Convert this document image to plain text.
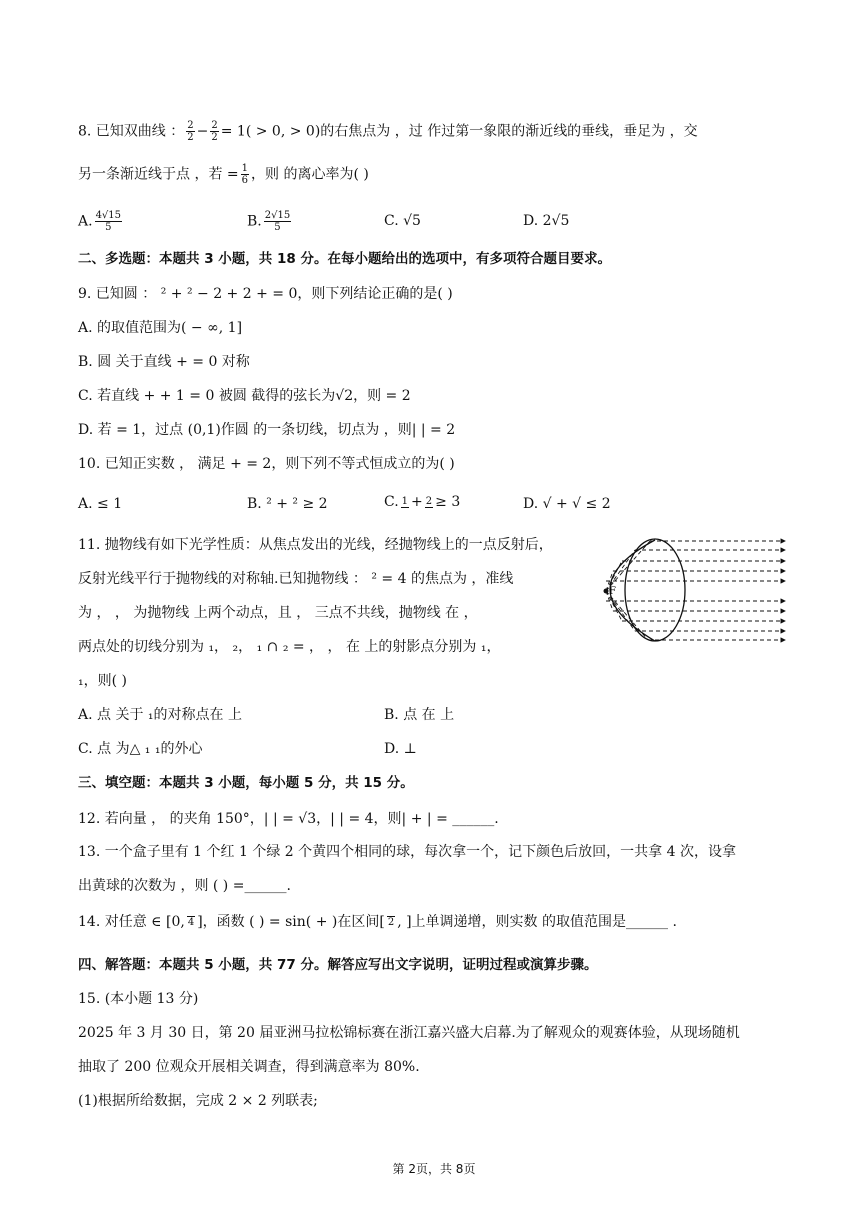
8. 已知双曲线 ： $\frac{2}{2} - \frac{2}{2} = 1( > 0$, > 0)的右焦点为 ，过 作过第一象限的渐近线的垂线，垂足为 ，交
另一条渐近线于点 ，若 = $\frac{1}{6}$ ，则 的离心率为( )
A. $\frac{4√15}{5}$	B. $\frac{2√15}{5}$	C. √5	D. 2√5
二、多选题：本题共 3 小题，共 18 分。在每小题给出的选项中，有多项符合题目要求。
9. 已知圆 ： ² + ² − 2 + 2 + = 0，则下列结论正确的是( )
A. 的取值范围为( − ∞, 1]
B. 圆 关于直线 + = 0 对称
C. 若直线 + + 1 = 0 被圆 截得的弦长为√2，则 = 2
D. 若 = 1，过点 (0,1)作圆 的一条切线，切点为 ，则| | = 2
10. 已知正实数 ， 满足 + = 2，则下列不等式恒成立的为( )
A. ≤ 1	B. ² + ² ≥ 2	C. 1 + 2 ≥ 3	D. √ + √ ≤ 2
11. 抛物线有如下光学性质：从焦点发出的光线，经抛物线上的一点反射后，
反射光线平行于抛物线的对称轴.已知抛物线 ： ² = 4 的焦点为 ，准线
为 ， ， 为抛物线 上两个动点，且 ， 三点不共线，抛物线 在 ，
两点处的切线分别为 ₁， ₂， ₁ ∩ ₂ = ， ， 在 上的射影点分别为 ₁，
₁，则( )
A. 点 关于 ₁的对称点在 上	B. 点 在 上
C. 点 为△ ₁ ₁的外心	D. ⊥
F
三、填空题：本题共 3 小题，每小题 5 分，共 15 分。
12. 若向量 ， 的夹角 150°，| | = √3，| | = 4，则| + | = ______.
13. 一个盒子里有 1 个红 1 个绿 2 个黄四个相同的球，每次拿一个，记下颜色后放回，一共拿 4 次，设拿
出黄球的次数为 ，则 ( ) =______.
14. 对任意 ∈ [0, 4 ]，函数 ( ) = sin( + )在区间[ 2 , ]上单调递增，则实数 的取值范围是______ .
四、解答题：本题共 5 小题，共 77 分。解答应写出文字说明，证明过程或演算步骤。
15. (本小题 13 分)
2025 年 3 月 30 日，第 20 届亚洲马拉松锦标赛在浙江嘉兴盛大启幕.为了解观众的观赛体验，从现场随机
抽取了 200 位观众开展相关调查，得到满意率为 80%.
(1)根据所给数据，完成 2 × 2 列联表;
第 2页，共 8页
